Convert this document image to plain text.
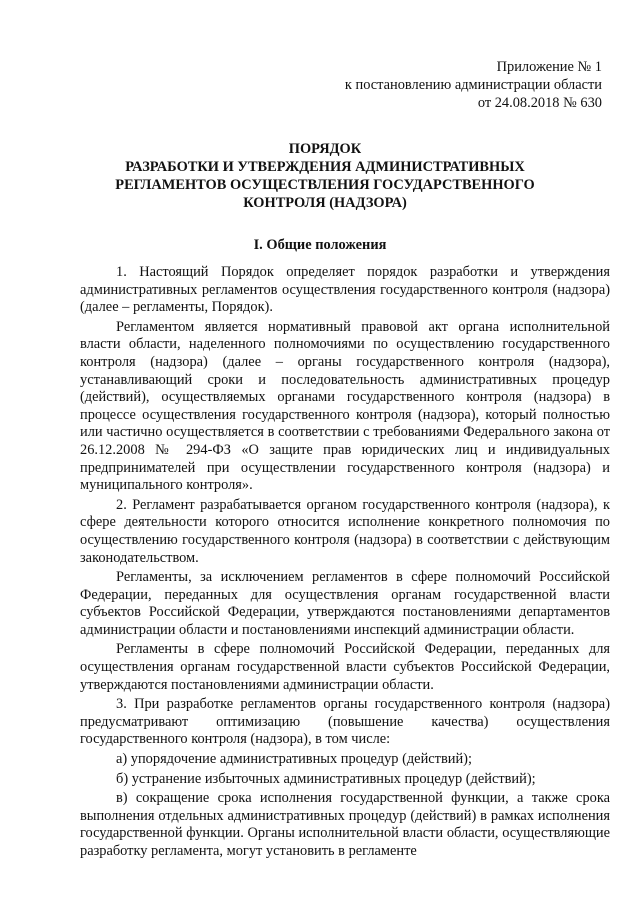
Приложение № 1
к постановлению администрации области
от 24.08.2018 № 630
ПОРЯДОК
РАЗРАБОТКИ И УТВЕРЖДЕНИЯ АДМИНИСТРАТИВНЫХ
РЕГЛАМЕНТОВ ОСУЩЕСТВЛЕНИЯ ГОСУДАРСТВЕННОГО
КОНТРОЛЯ (НАДЗОРА)
I. Общие положения

1. Настоящий Порядок определяет порядок разработки и утверждения административных регламентов осуществления государственного контроля (надзора) (далее – регламенты, Порядок).

Регламентом является нормативный правовой акт органа исполнительной власти области, наделенного полномочиями по осуществлению государственного контроля (надзора) (далее – органы государственного контроля (надзора), устанавливающий сроки и последовательность административных процедур (действий), осуществляемых органами государственного контроля (надзора) в процессе осуществления государственного контроля (надзора), который полностью или частично осуществляется в соответствии с требованиями Федерального закона от 26.12.2008 № 294-ФЗ «О защите прав юридических лиц и индивидуальных предпринимателей при осуществлении государственного контроля (надзора) и муниципального контроля».

2. Регламент разрабатывается органом государственного контроля (надзора), к сфере деятельности которого относится исполнение конкретного полномочия по осуществлению государственного контроля (надзора) в соответствии с действующим законодательством.

Регламенты, за исключением регламентов в сфере полномочий Российской Федерации, переданных для осуществления органам государственной власти субъектов Российской Федерации, утверждаются постановлениями департаментов администрации области и постановлениями инспекций администрации области.

Регламенты в сфере полномочий Российской Федерации, переданных для осуществления органам государственной власти субъектов Российской Федерации, утверждаются постановлениями администрации области.

3. При разработке регламентов органы государственного контроля (надзора) предусматривают оптимизацию (повышение качества) осуществления государственного контроля (надзора), в том числе:

а) упорядочение административных процедур (действий);

б) устранение избыточных административных процедур (действий);

в) сокращение срока исполнения государственной функции, а также срока выполнения отдельных административных процедур (действий) в рамках исполнения государственной функции. Органы исполнительной власти области, осуществляющие разработку регламента, могут установить в регламенте
